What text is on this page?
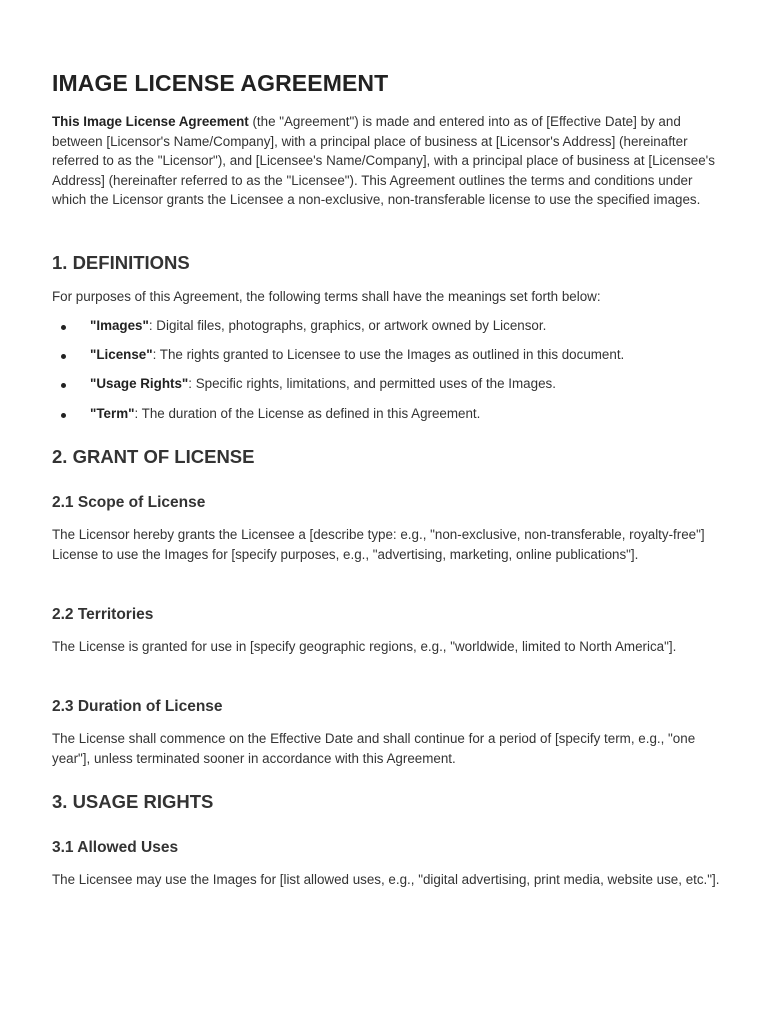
IMAGE LICENSE AGREEMENT

This Image License Agreement (the "Agreement") is made and entered into as of [Effective Date] by and between [Licensor's Name/Company], with a principal place of business at [Licensor's Address] (hereinafter referred to as the "Licensor"), and [Licensee's Name/Company], with a principal place of business at [Licensee's Address] (hereinafter referred to as the "Licensee"). This Agreement outlines the terms and conditions under which the Licensor grants the Licensee a non-exclusive, non-transferable license to use the specified images.

1. DEFINITIONS

For purposes of this Agreement, the following terms shall have the meanings set forth below:

"Images": Digital files, photographs, graphics, or artwork owned by Licensor.
"License": The rights granted to Licensee to use the Images as outlined in this document.
"Usage Rights": Specific rights, limitations, and permitted uses of the Images.
"Term": The duration of the License as defined in this Agreement.
2. GRANT OF LICENSE
2.1 Scope of License

The Licensor hereby grants the Licensee a [describe type: e.g., "non-exclusive, non-transferable, royalty-free"] License to use the Images for [specify purposes, e.g., "advertising, marketing, online publications"].

2.2 Territories

The License is granted for use in [specify geographic regions, e.g., "worldwide, limited to North America"].

2.3 Duration of License

The License shall commence on the Effective Date and shall continue for a period of [specify term, e.g., "one year"], unless terminated sooner in accordance with this Agreement.

3. USAGE RIGHTS
3.1 Allowed Uses

The Licensee may use the Images for [list allowed uses, e.g., "digital advertising, print media, website use, etc."].
